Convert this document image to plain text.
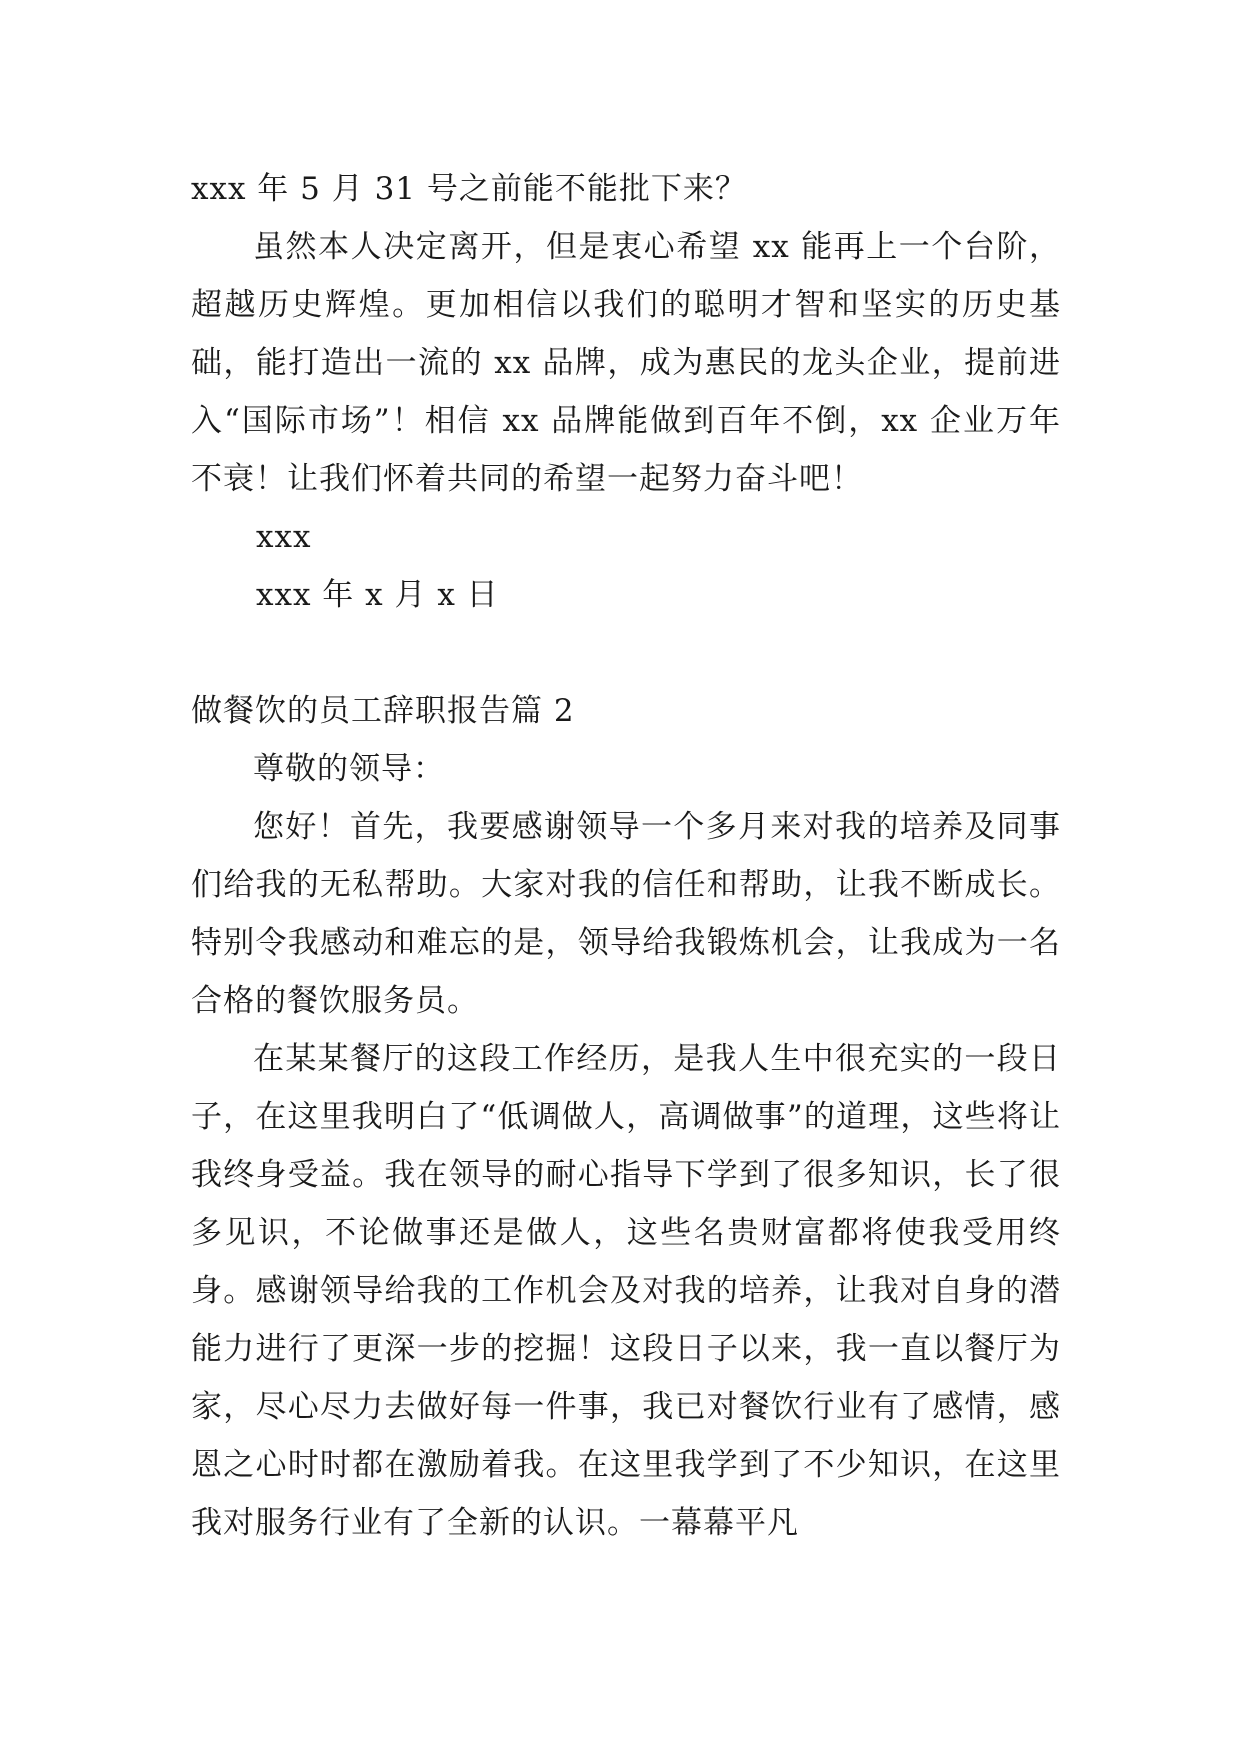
xxx 年 5 月 31 号之前能不能批下来？

虽然本人决定离开，但是衷心希望 xx 能再上一个台阶，超越历史辉煌。更加相信以我们的聪明才智和坚实的历史基础，能打造出一流的 xx 品牌，成为惠民的龙头企业，提前进入“国际市场”！相信 xx 品牌能做到百年不倒，xx 企业万年不衰！让我们怀着共同的希望一起努力奋斗吧！

xxx

xxx 年 x 月 x 日

做餐饮的员工辞职报告篇 2

尊敬的领导：

您好！首先，我要感谢领导一个多月来对我的培养及同事们给我的无私帮助。大家对我的信任和帮助，让我不断成长。特别令我感动和难忘的是，领导给我锻炼机会，让我成为一名合格的餐饮服务员。

在某某餐厅的这段工作经历，是我人生中很充实的一段日子，在这里我明白了“低调做人，高调做事”的道理，这些将让我终身受益。我在领导的耐心指导下学到了很多知识，长了很多见识，不论做事还是做人，这些名贵财富都将使我受用终身。感谢领导给我的工作机会及对我的培养，让我对自身的潜能力进行了更深一步的挖掘！这段日子以来，我一直以餐厅为家，尽心尽力去做好每一件事，我已对餐饮行业有了感情，感恩之心时时都在激励着我。在这里我学到了不少知识，在这里我对服务行业有了全新的认识。一幕幕平凡
